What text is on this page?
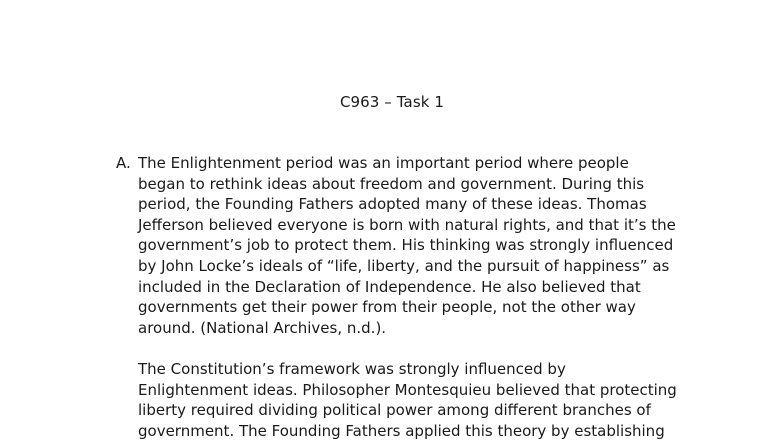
C963 – Task 1
A. The Enlightenment period was an important period where people
began to rethink ideas about freedom and government. During this
period, the Founding Fathers adopted many of these ideas. Thomas
Jefferson believed everyone is born with natural rights, and that it’s the
government’s job to protect them. His thinking was strongly influenced
by John Locke’s ideals of “life, liberty, and the pursuit of happiness” as
included in the Declaration of Independence. He also believed that
governments get their power from their people, not the other way
around. (National Archives, n.d.).
The Constitution’s framework was strongly influenced by
Enlightenment ideas. Philosopher Montesquieu believed that protecting
liberty required dividing political power among different branches of
government. The Founding Fathers applied this theory by establishing
